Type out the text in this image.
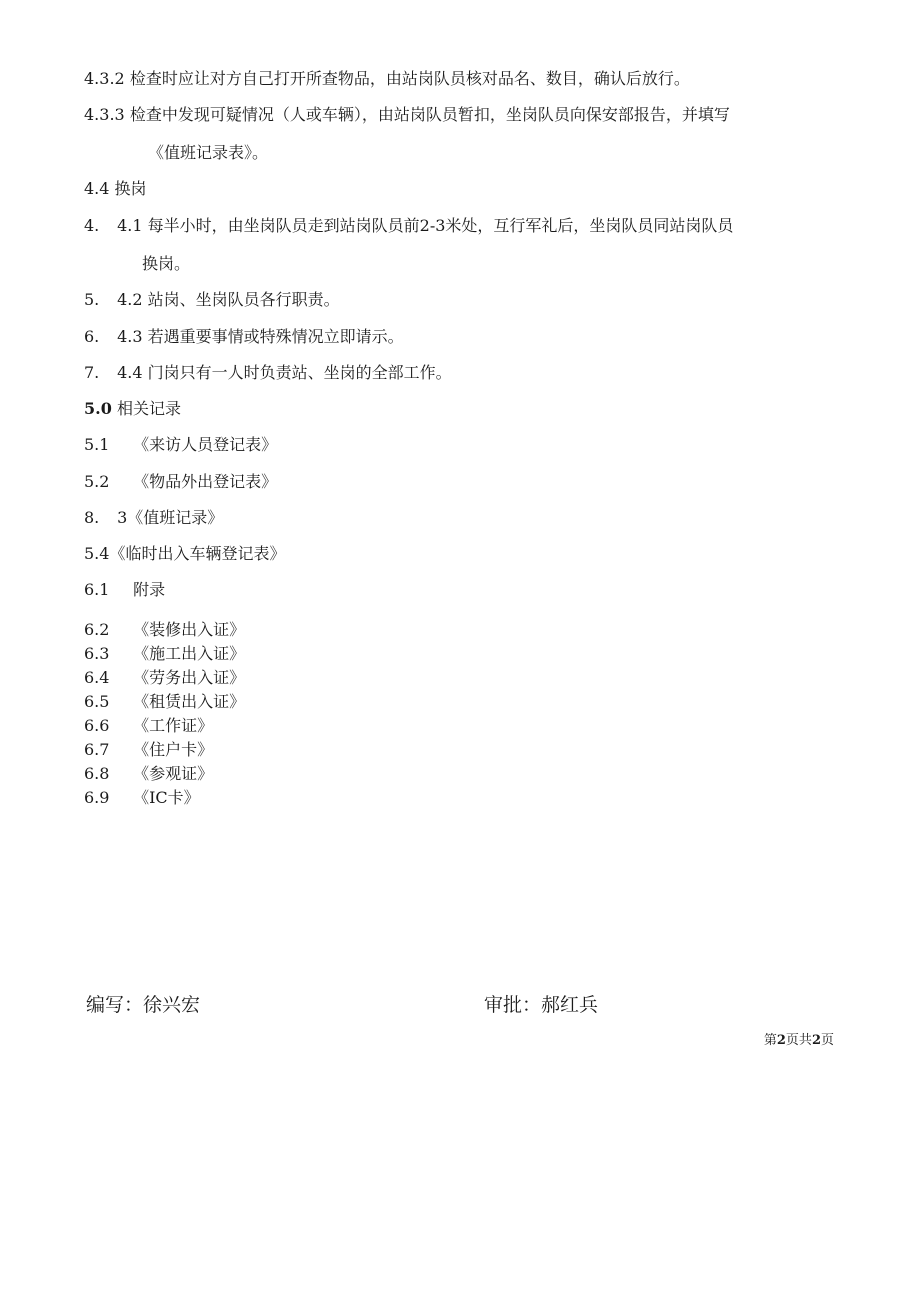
4.3.2 检查时应让对方自己打开所查物品，由站岗队员核对品名、数目，确认后放行。
4.3.3 检查中发现可疑情况（人或车辆），由站岗队员暂扣，坐岗队员向保安部报告，并填写
《值班记录表》。
4.4 换岗
4. 4.1 每半小时，由坐岗队员走到站岗队员前2-3米处，互行军礼后，坐岗队员同站岗队员
换岗。
5. 4.2 站岗、坐岗队员各行职责。
6. 4.3 若遇重要事情或特殊情况立即请示。
7. 4.4 门岗只有一人时负责站、坐岗的全部工作。
5.0 相关记录
5.1 《来访人员登记表》
5.2 《物品外出登记表》
8. 3《值班记录》
5.4《临时出入车辆登记表》
6.1 附录
6.2 《装修出入证》
6.3 《施工出入证》
6.4 《劳务出入证》
6.5 《租赁出入证》
6.6 《工作证》
6.7 《住户卡》
6.8 《参观证》
6.9 《IC卡》
编写：徐兴宏	审批：郝红兵
第2页共2页
